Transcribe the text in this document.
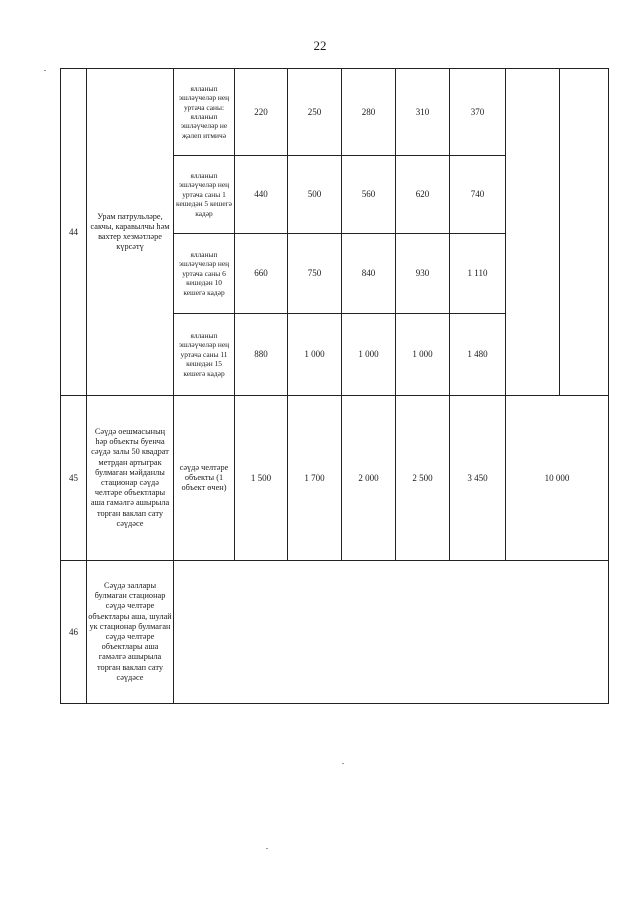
22
44	Урам патрульләре, сакчы, каравылчы һәм вахтер хезмәтләре күрсәтү	ялланып эшләүчеләр нең уртача саны: ялланып эшләүчеләр не җәлеп итмичә	220	250	280	310	370		
		ялланып эшләүчеләр нең уртача саны 1 кешедән 5 кешегә кадәр	440	500	560	620	740		
		ялланып эшләүчеләр нең уртача саны 6 кешедән 10 кешегә кадәр	660	750	840	930	1 110		
		ялланып эшләүчеләр нең уртача саны 11 кешедән 15 кешегә кадәр	880	1 000	1 000	1 000	1 480		
45	Сәүдә оешмасының һәр объекты буенча сәүдә залы 50 квадрат метрдан артыграк булмаган мәйданлы стационар сәүдә челтәре объектлары аша гамәлгә ашырыла торган ваклап сату сәүдәсе	сәүдә челтәре объекты (1 объект өчен)	1 500	1 700	2 000	2 500	3 450	10 000	
46	Сәүдә заллары булмаган стационар сәүдә челтәре объектлары аша, шулай ук стационар булмаган сәүдә челтәре объектлары аша гамәлгә ашырыла торган ваклап сату сәүдәсе								
